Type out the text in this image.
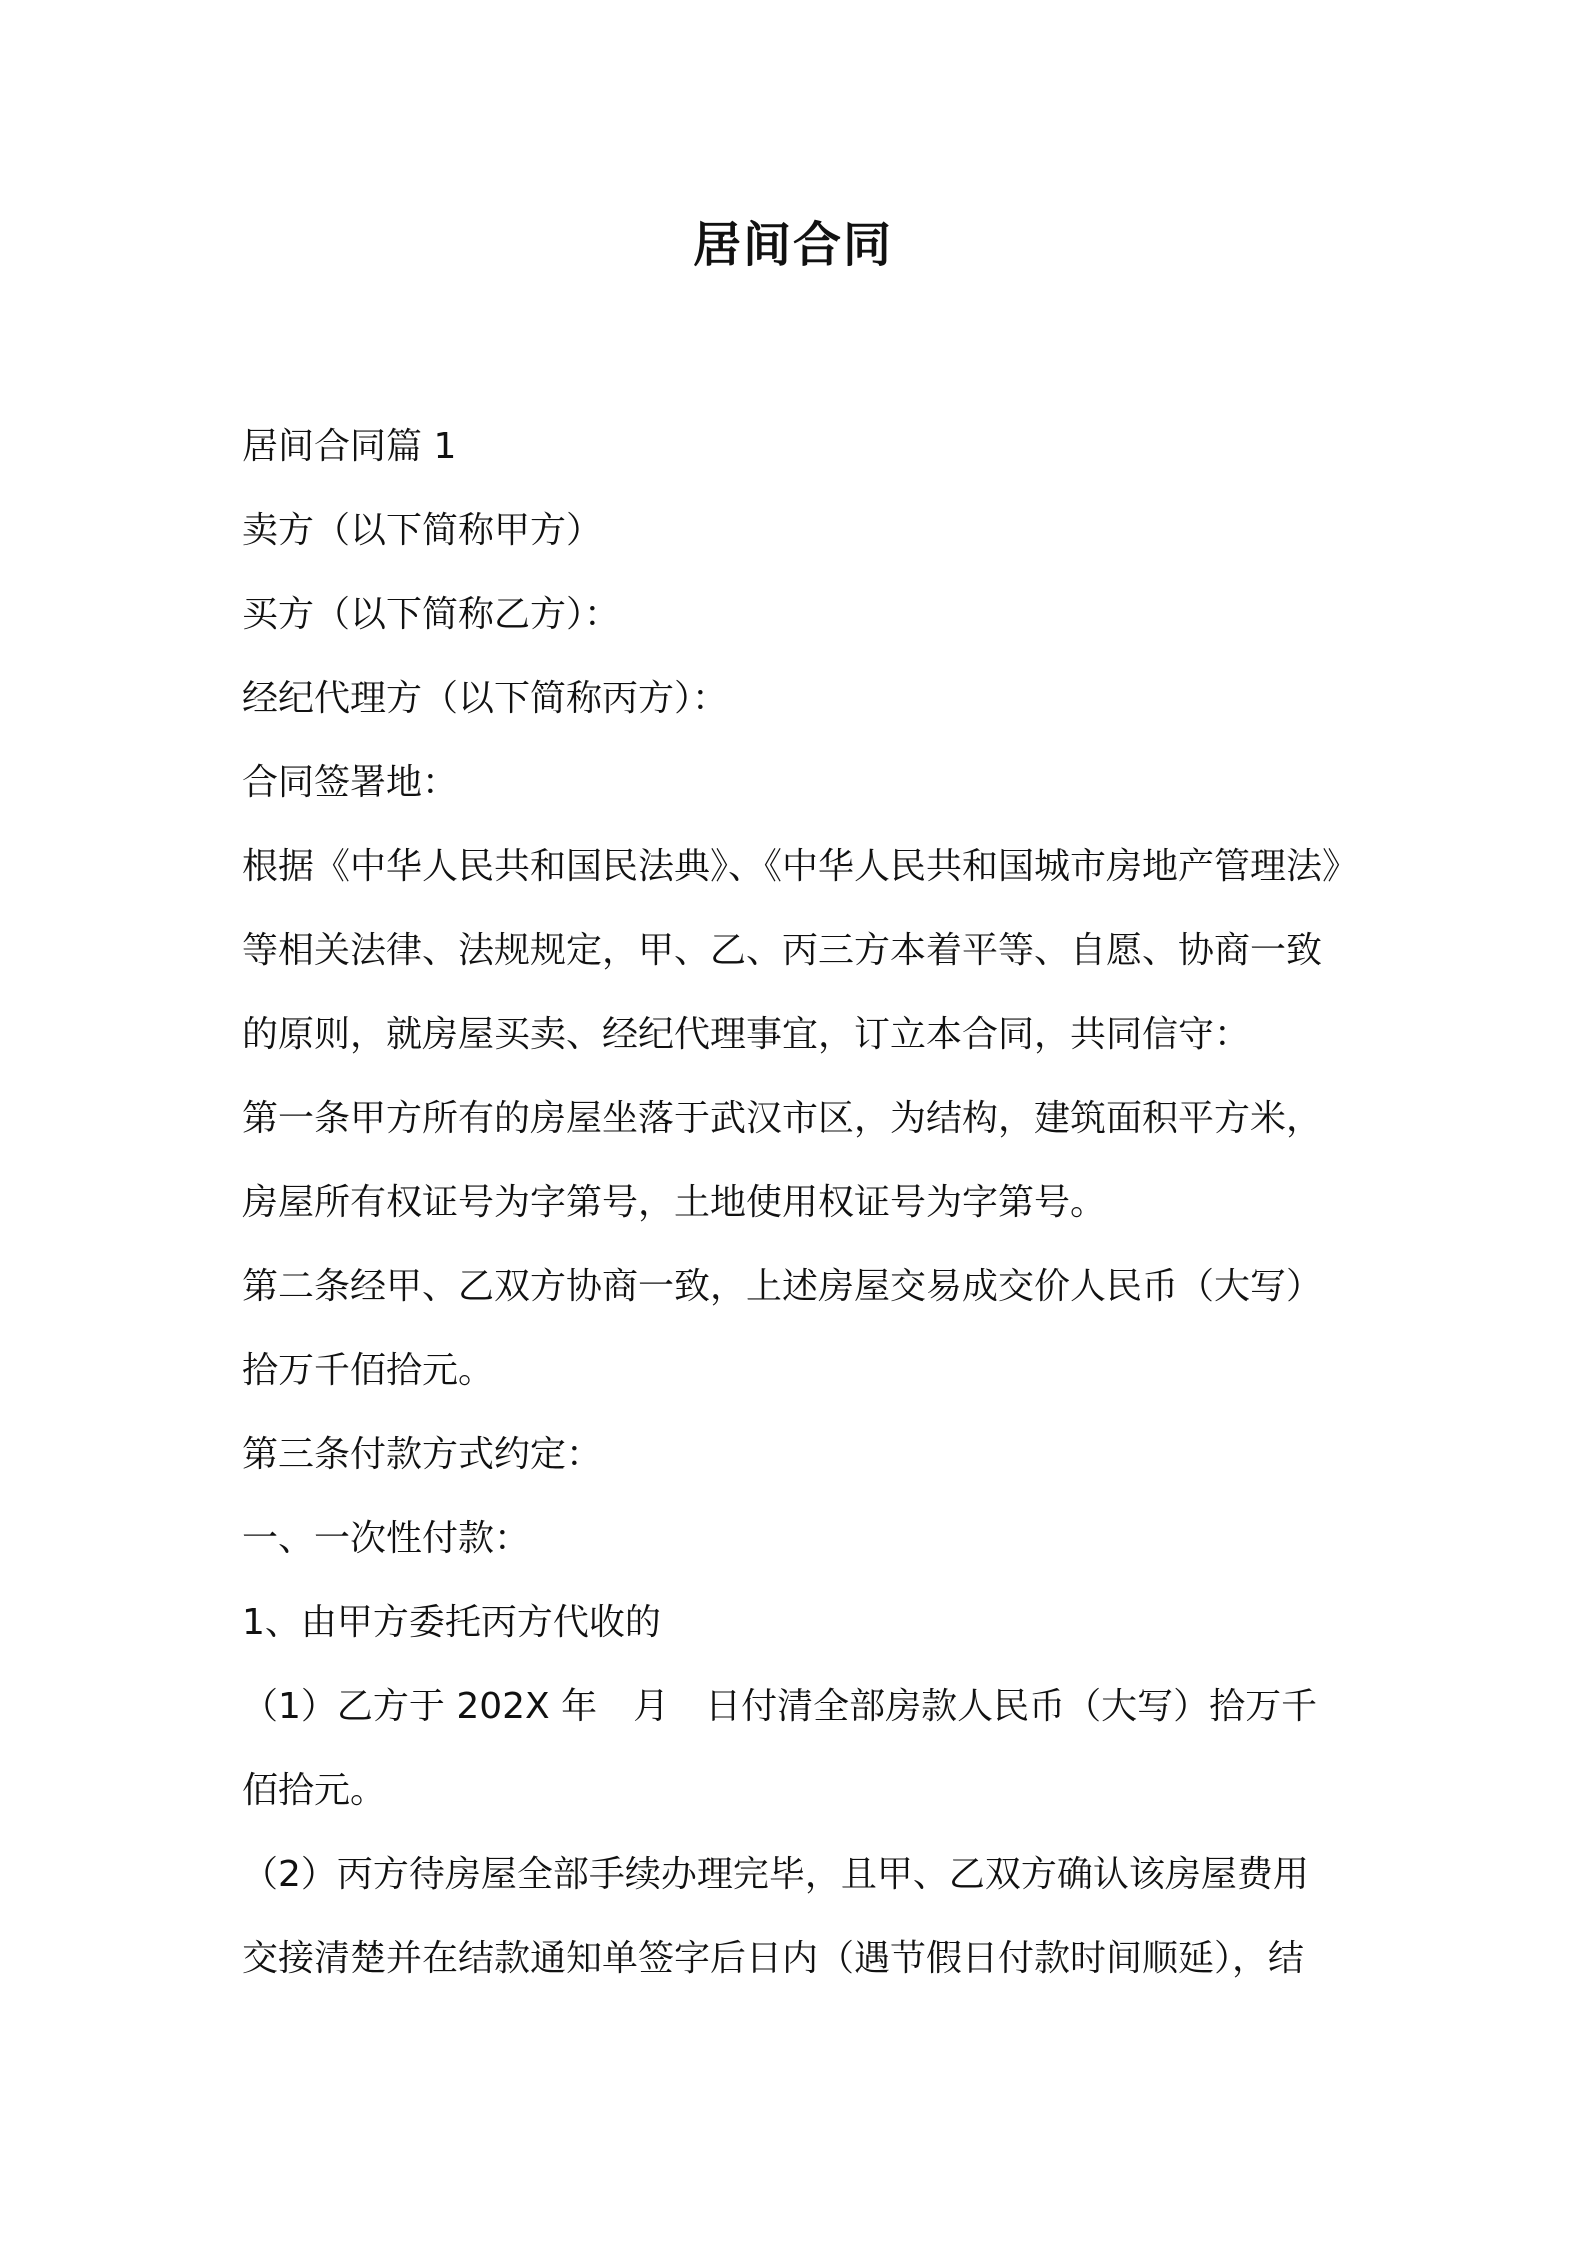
居间合同
居间合同篇 1
卖方（以下简称甲方）
买方（以下简称乙方）：
经纪代理方（以下简称丙方）：
合同签署地：
根据《中华人民共和国民法典》、《中华人民共和国城市房地产管理法》
等相关法律、法规规定，甲、乙、丙三方本着平等、自愿、协商一致
的原则，就房屋买卖、经纪代理事宜，订立本合同，共同信守：
第一条甲方所有的房屋坐落于武汉市区，为结构，建筑面积平方米，
房屋所有权证号为字第号，土地使用权证号为字第号。
第二条经甲、乙双方协商一致，上述房屋交易成交价人民币（大写）
拾万千佰拾元。
第三条付款方式约定：
一、一次性付款：
1、由甲方委托丙方代收的
（1）乙方于 202X 年　月　日付清全部房款人民币（大写）拾万千
佰拾元。
（2）丙方待房屋全部手续办理完毕，且甲、乙双方确认该房屋费用
交接清楚并在结款通知单签字后日内（遇节假日付款时间顺延），结
